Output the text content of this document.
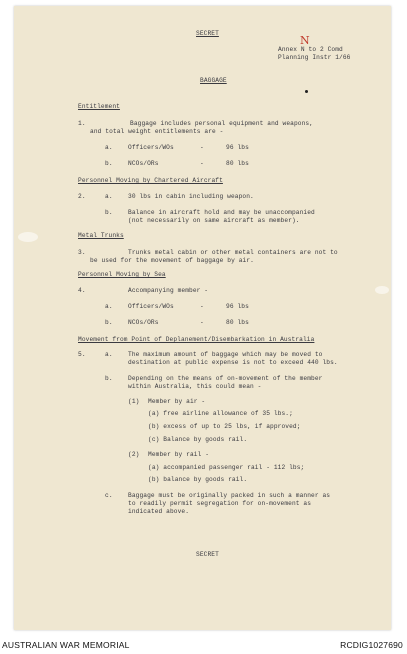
SECRET
Annex N to 2 Comd
N
Planning Instr 1/66
BAGGAGE
Entitlement
1.	Baggage includes personal equipment and weapons,
and total weight entitlements are -
a. Officers/WOs	-	96 lbs
b. NCOs/ORs	-	80 lbs
Personnel Moving by Chartered Aircraft
2.	a. 30 lbs in cabin including weapon.
b. Balance in aircraft hold and may be unaccompanied
(not necessarily on same aircraft as member).
Metal Trunks
3.	Trunks metal cabin or other metal containers are not to
be used for the movement of baggage by air.
Personnel Moving by Sea
4.	Accompanying member -
a. Officers/WOs	-	96 lbs
b. NCOs/ORs	-	80 lbs
Movement from Point of Deplanement/Disembarkation in Australia
5.	a. The maximum amount of baggage which may be moved to
destination at public expense is not to exceed 440 lbs.
b. Depending on the means of on-movement of the member
within Australia, this could mean -
(1) Member by air -
(a) free airline allowance of 35 lbs.;
(b) excess of up to 25 lbs, if approved;
(c) Balance by goods rail.
(2) Member by rail -
(a) accompanied passenger rail - 112 lbs;
(b) balance by goods rail.
c. Baggage must be originally packed in such a manner as
to readily permit segregation for on-movement as
indicated above.
SECRET
AUSTRALIAN WAR MEMORIAL	RCDIG1027690
